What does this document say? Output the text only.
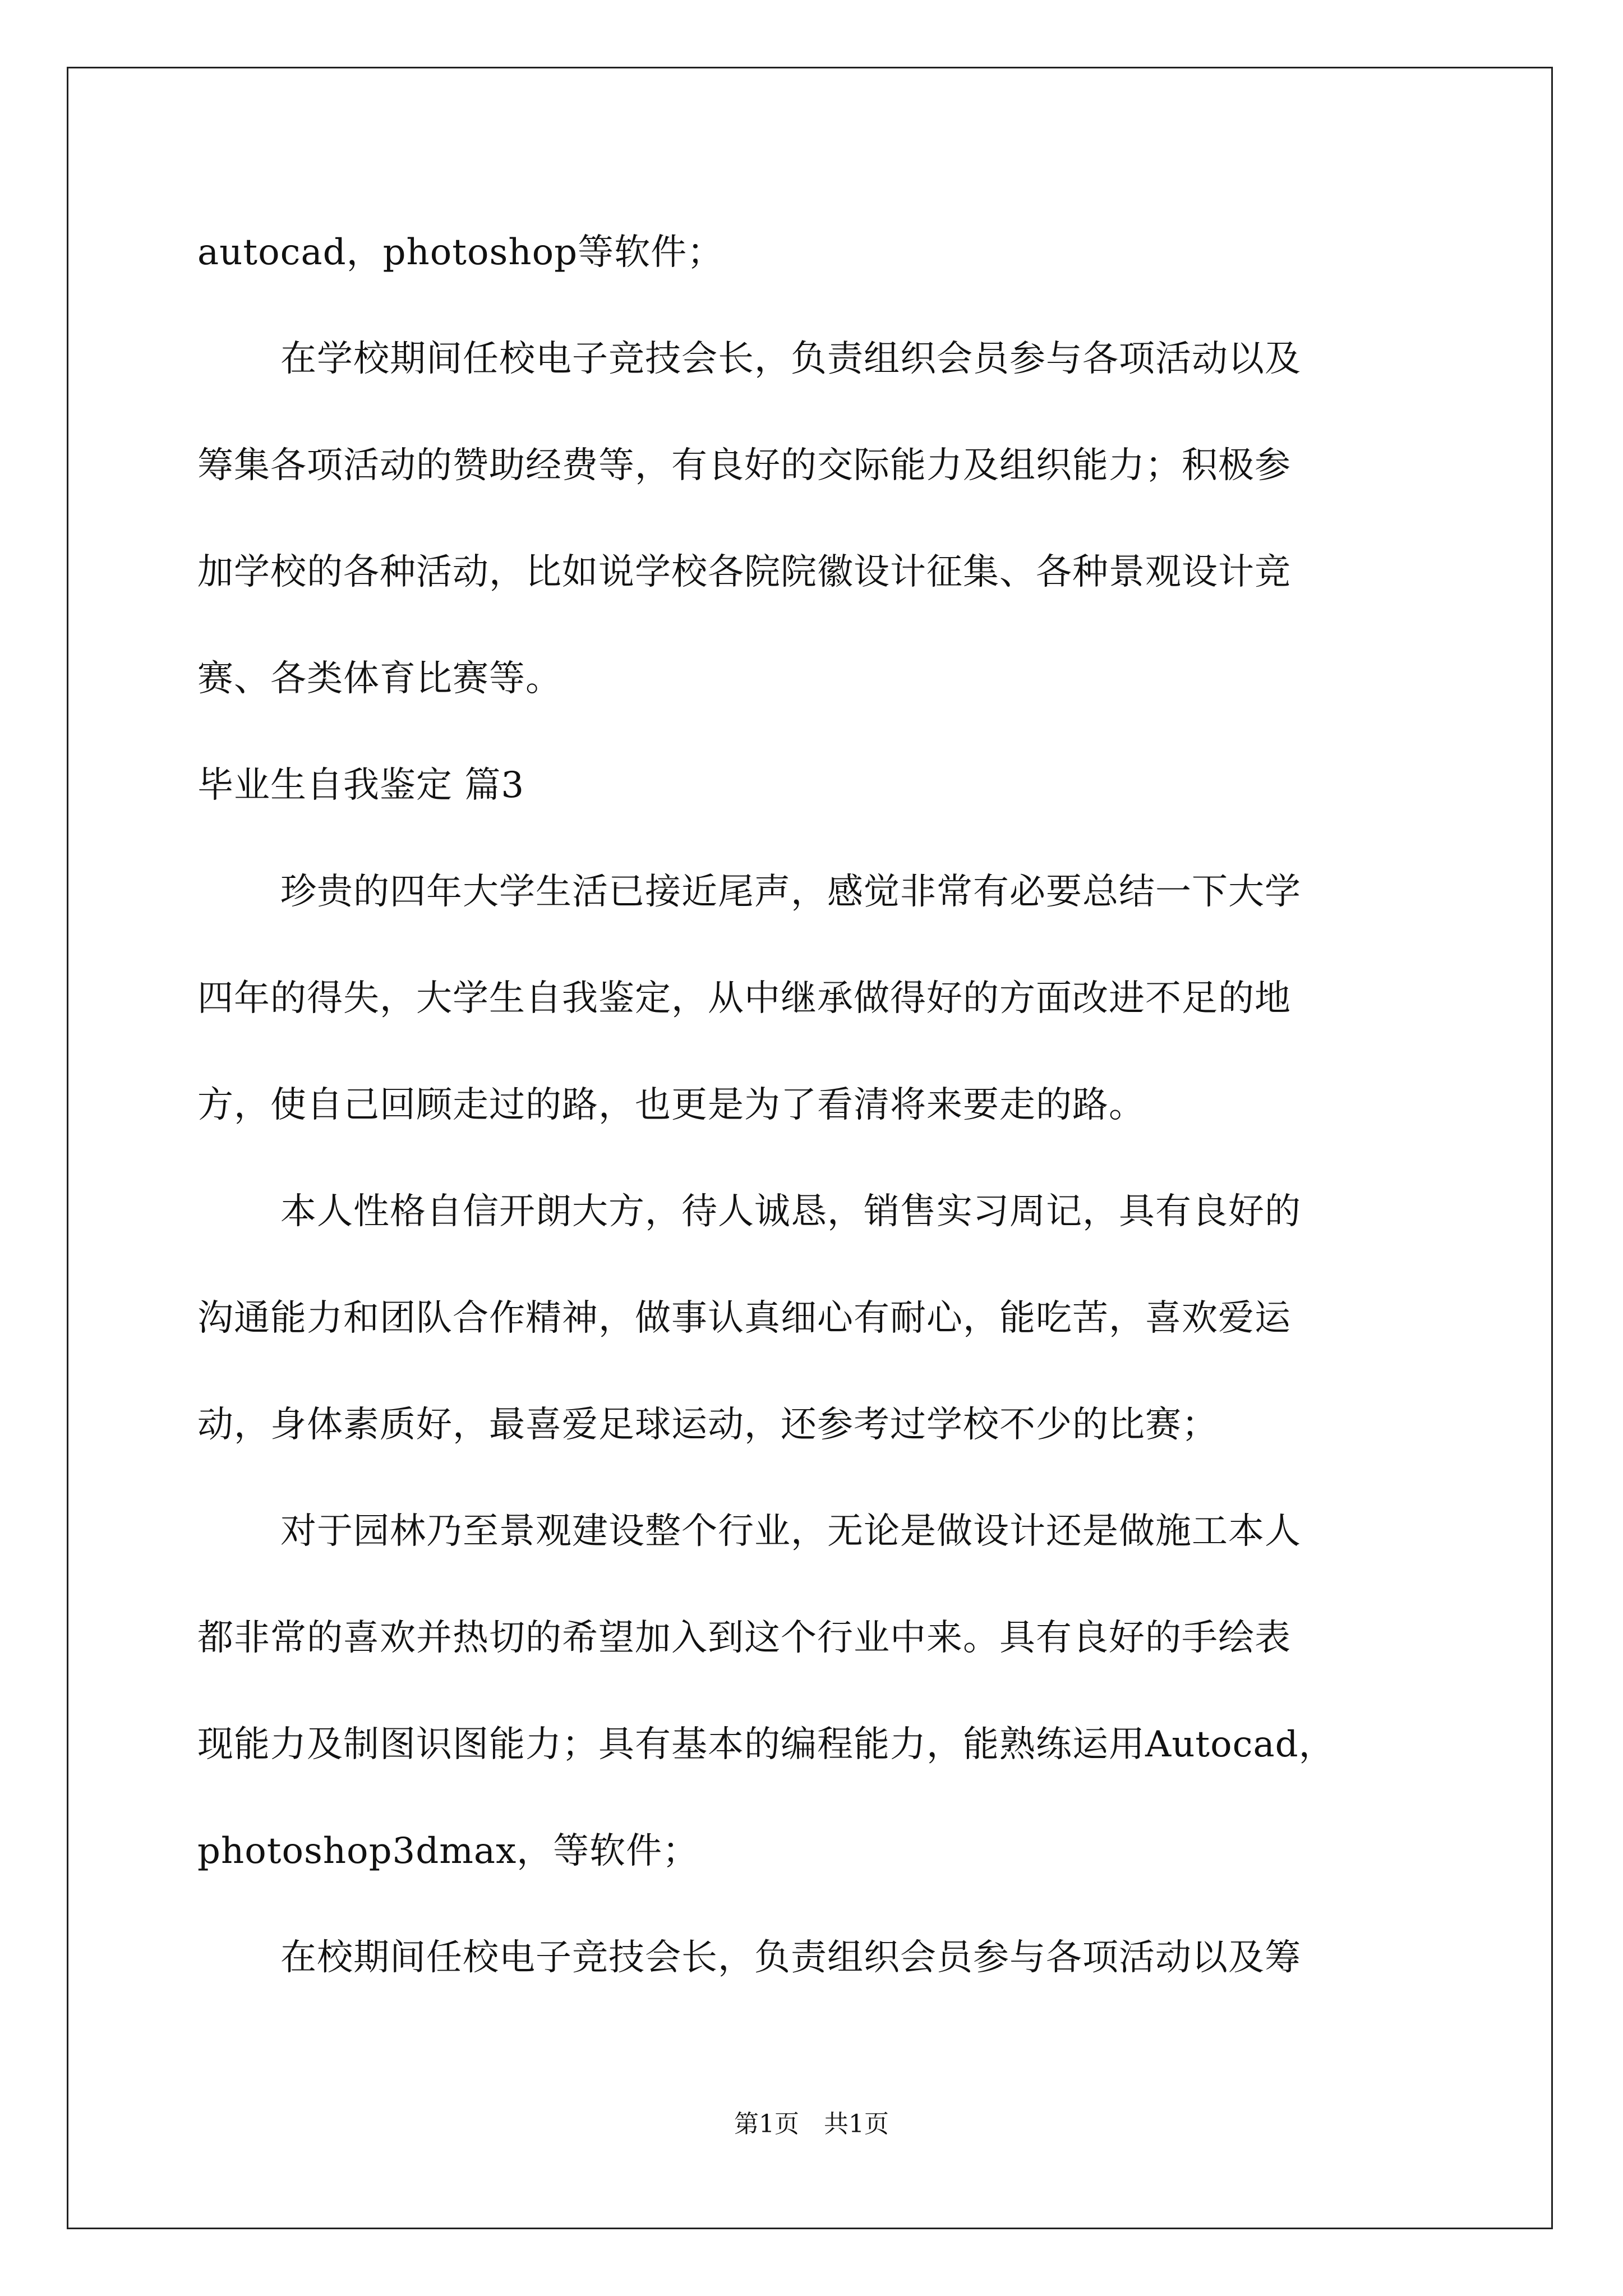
autocad，photoshop等软件；
在学校期间任校电子竞技会长，负责组织会员参与各项活动以及
筹集各项活动的赞助经费等，有良好的交际能力及组织能力；积极参
加学校的各种活动，比如说学校各院院徽设计征集、各种景观设计竞
赛、各类体育比赛等。
毕业生自我鉴定 篇3
珍贵的四年大学生活已接近尾声，感觉非常有必要总结一下大学
四年的得失，大学生自我鉴定，从中继承做得好的方面改进不足的地
方，使自己回顾走过的路，也更是为了看清将来要走的路。
本人性格自信开朗大方，待人诚恳，销售实习周记，具有良好的
沟通能力和团队合作精神，做事认真细心有耐心，能吃苦，喜欢爱运
动，身体素质好，最喜爱足球运动，还参考过学校不少的比赛；
对于园林乃至景观建设整个行业，无论是做设计还是做施工本人
都非常的喜欢并热切的希望加入到这个行业中来。具有良好的手绘表
现能力及制图识图能力；具有基本的编程能力，能熟练运用Autocad，
photoshop3dmax，等软件；
在校期间任校电子竞技会长，负责组织会员参与各项活动以及筹
第1页　共1页
